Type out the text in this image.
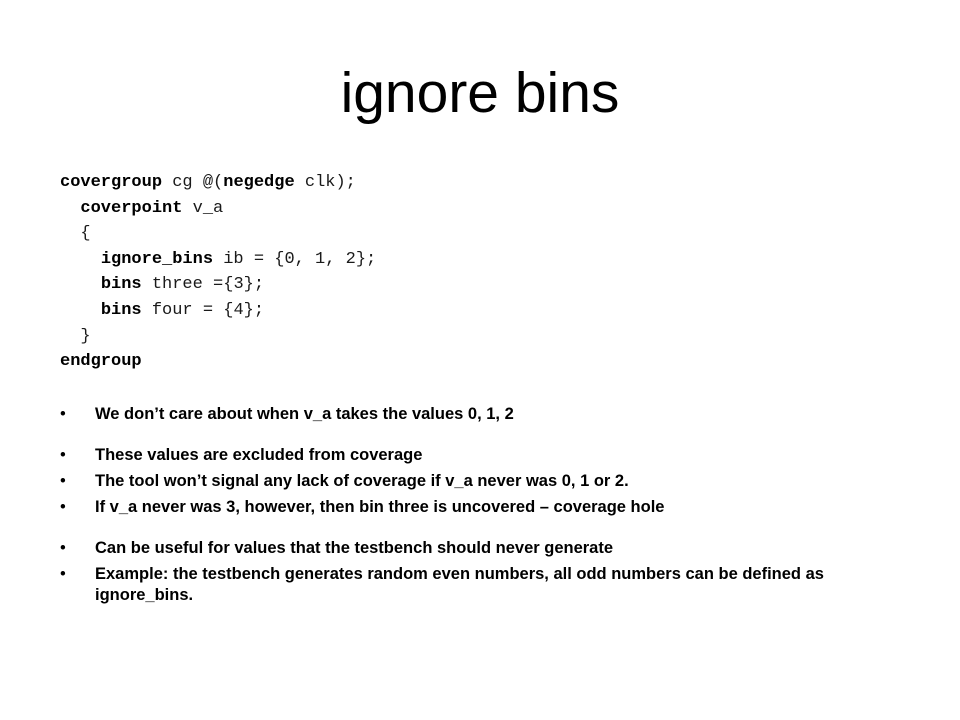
ignore bins
covergroup cg @(negedge clk);
coverpoint v_a
{
ignore_bins ib = {0, 1, 2};
bins three ={3};
bins four = {4};
}
endgroup
• We don’t care about when v_a takes the values 0, 1, 2
• These values are excluded from coverage
• The tool won’t signal any lack of coverage if v_a never was 0, 1 or 2.
• If v_a never was 3, however, then bin three is uncovered – coverage hole
• Can be useful for values that the testbench should never generate
• Example: the testbench generates random even numbers, all odd numbers can be defined as ignore_bins.
